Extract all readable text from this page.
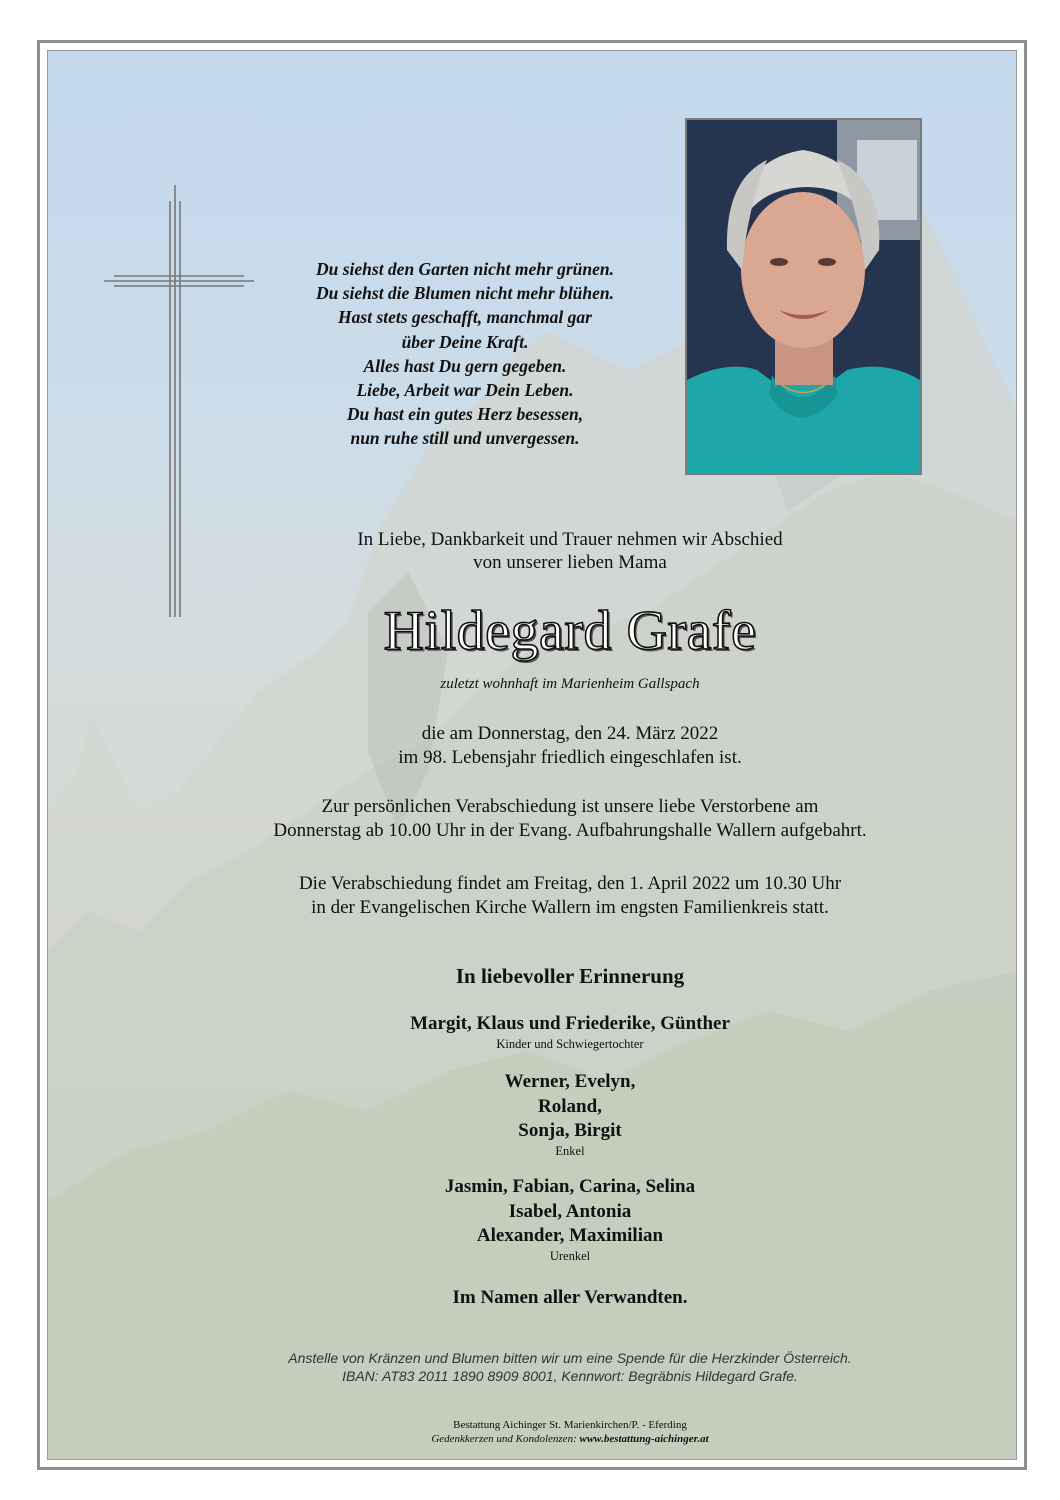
Du siehst den Garten nicht mehr grünen.
Du siehst die Blumen nicht mehr blühen.
Hast stets geschafft, manchmal gar
über Deine Kraft.
Alles hast Du gern gegeben.
Liebe, Arbeit war Dein Leben.
Du hast ein gutes Herz besessen,
nun ruhe still und unvergessen.
In Liebe, Dankbarkeit und Trauer nehmen wir Abschied
von unserer lieben Mama
Hildegard Grafe
zuletzt wohnhaft im Marienheim Gallspach
die am Donnerstag, den 24. März 2022
im 98. Lebensjahr friedlich eingeschlafen ist.
Zur persönlichen Verabschiedung ist unsere liebe Verstorbene am
Donnerstag ab 10.00 Uhr in der Evang. Aufbahrungshalle Wallern aufgebahrt.
Die Verabschiedung findet am Freitag, den 1. April 2022 um 10.30 Uhr
in der Evangelischen Kirche Wallern im engsten Familienkreis statt.
In liebevoller Erinnerung
Margit, Klaus und Friederike, Günther
Kinder und Schwiegertochter
Werner, Evelyn,
Roland,
Sonja, Birgit
Enkel
Jasmin, Fabian, Carina, Selina
Isabel, Antonia
Alexander, Maximilian
Urenkel
Im Namen aller Verwandten.
Anstelle von Kränzen und Blumen bitten wir um eine Spende für die Herzkinder Österreich.
IBAN: AT83 2011 1890 8909 8001, Kennwort: Begräbnis Hildegard Grafe.
Bestattung Aichinger St. Marienkirchen/P. - Eferding
Gedenkkerzen und Kondolenzen: www.bestattung-aichinger.at
